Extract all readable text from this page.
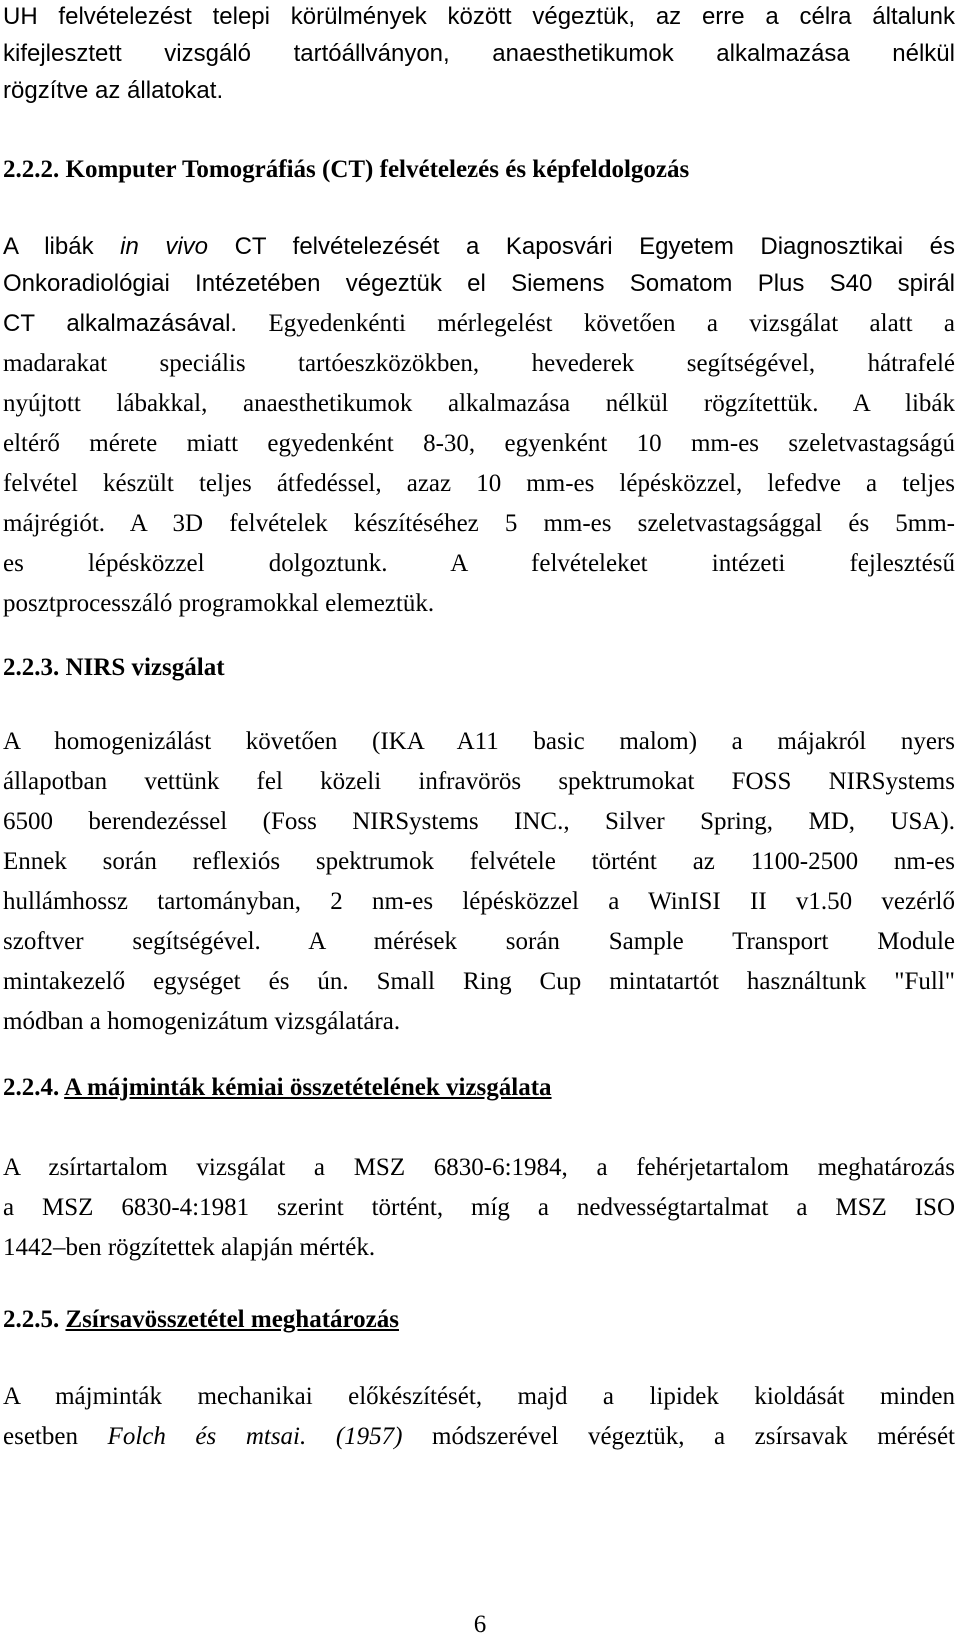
UH felvételezést telepi körülmények között végeztük, az erre a célra általunk
kifejlesztett vizsgáló tartóállványon, anaesthetikumok alkalmazása nélkül
rögzítve az állatokat.
2.2.2. Komputer Tomográfiás (CT) felvételezés és képfeldolgozás
A libák in vivo CT felvételezését a Kaposvári Egyetem Diagnosztikai és
Onkoradiológiai Intézetében végeztük el Siemens Somatom Plus S40 spirál
CT alkalmazásával. Egyedenkénti mérlegelést követően a vizsgálat alatt a
madarakat speciális tartóeszközökben, hevederek segítségével, hátrafelé
nyújtott lábakkal, anaesthetikumok alkalmazása nélkül rögzítettük. A libák
eltérő mérete miatt egyedenként 8-30, egyenként 10 mm-es szeletvastagságú
felvétel készült teljes átfedéssel, azaz 10 mm-es lépésközzel, lefedve a teljes
májrégiót. A 3D felvételek készítéséhez 5 mm-es szeletvastagsággal és 5mm-
es lépésközzel dolgoztunk. A felvételeket intézeti fejlesztésű
posztprocesszáló programokkal elemeztük.
2.2.3. NIRS vizsgálat
A homogenizálást követően (IKA A11 basic malom) a májakról nyers
állapotban vettünk fel közeli infravörös spektrumokat FOSS NIRSystems
6500 berendezéssel (Foss NIRSystems INC., Silver Spring, MD, USA).
Ennek során reflexiós spektrumok felvétele történt az 1100-2500 nm-es
hullámhossz tartományban, 2 nm-es lépésközzel a WinISI II v1.50 vezérlő
szoftver segítségével. A mérések során Sample Transport Module
mintakezelő egységet és ún. Small Ring Cup mintatartót használtunk "Full"
módban a homogenizátum vizsgálatára.
2.2.4. A májminták kémiai összetételének vizsgálata
A zsírtartalom vizsgálat a MSZ 6830-6:1984, a fehérjetartalom meghatározás
a MSZ 6830-4:1981 szerint történt, míg a nedvességtartalmat a MSZ ISO
1442–ben rögzítettek alapján mérték.
2.2.5. Zsírsavösszetétel meghatározás
A májminták mechanikai előkészítését, majd a lipidek kioldását minden
esetben Folch és mtsai. (1957) módszerével végeztük, a zsírsavak mérését
6
